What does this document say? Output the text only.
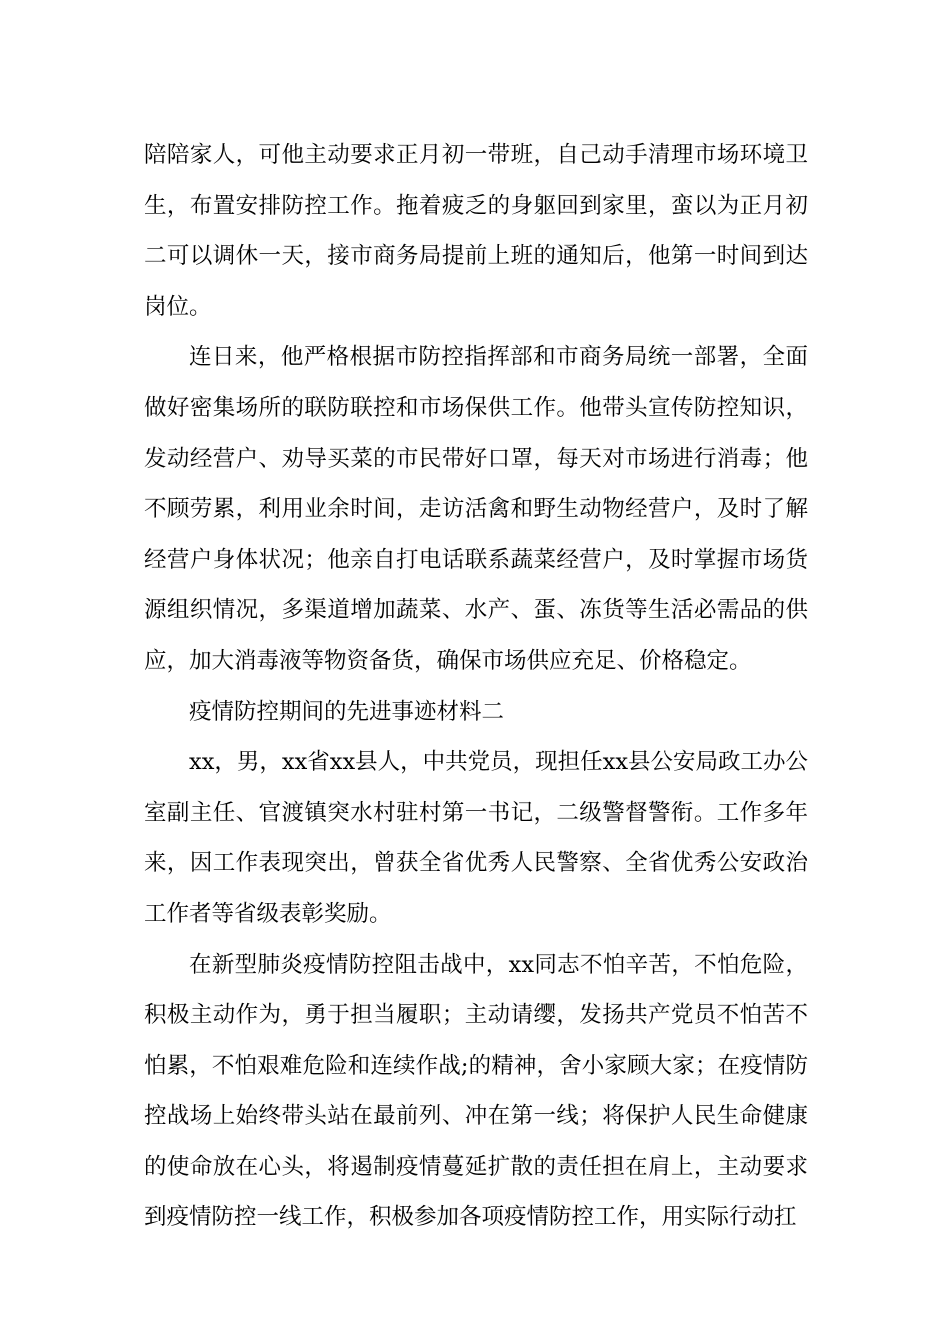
陪陪家人，可他主动要求正月初一带班，自己动手清理市场环境卫生，布置安排防控工作。拖着疲乏的身躯回到家里，蛮以为正月初二可以调休一天，接市商务局提前上班的通知后，他第一时间到达岗位。

连日来，他严格根据市防控指挥部和市商务局统一部署，全面做好密集场所的联防联控和市场保供工作。他带头宣传防控知识，发动经营户、劝导买菜的市民带好口罩，每天对市场进行消毒；他不顾劳累，利用业余时间，走访活禽和野生动物经营户，及时了解经营户身体状况；他亲自打电话联系蔬菜经营户，及时掌握市场货源组织情况，多渠道增加蔬菜、水产、蛋、冻货等生活必需品的供应，加大消毒液等物资备货，确保市场供应充足、价格稳定。

疫情防控期间的先进事迹材料二

xx，男，xx省xx县人，中共党员，现担任xx县公安局政工办公室副主任、官渡镇突水村驻村第一书记，二级警督警衔。工作多年来，因工作表现突出，曾获全省优秀人民警察、全省优秀公安政治工作者等省级表彰奖励。

在新型肺炎疫情防控阻击战中，xx同志不怕辛苦，不怕危险，积极主动作为，勇于担当履职；主动请缨，发扬共产党员不怕苦不怕累，不怕艰难危险和连续作战;的精神，舍小家顾大家；在疫情防控战场上始终带头站在最前列、冲在第一线；将保护人民生命健康的使命放在心头，将遏制疫情蔓延扩散的责任担在肩上，主动要求到疫情防控一线工作，积极参加各项疫情防控工作，用实际行动扛
